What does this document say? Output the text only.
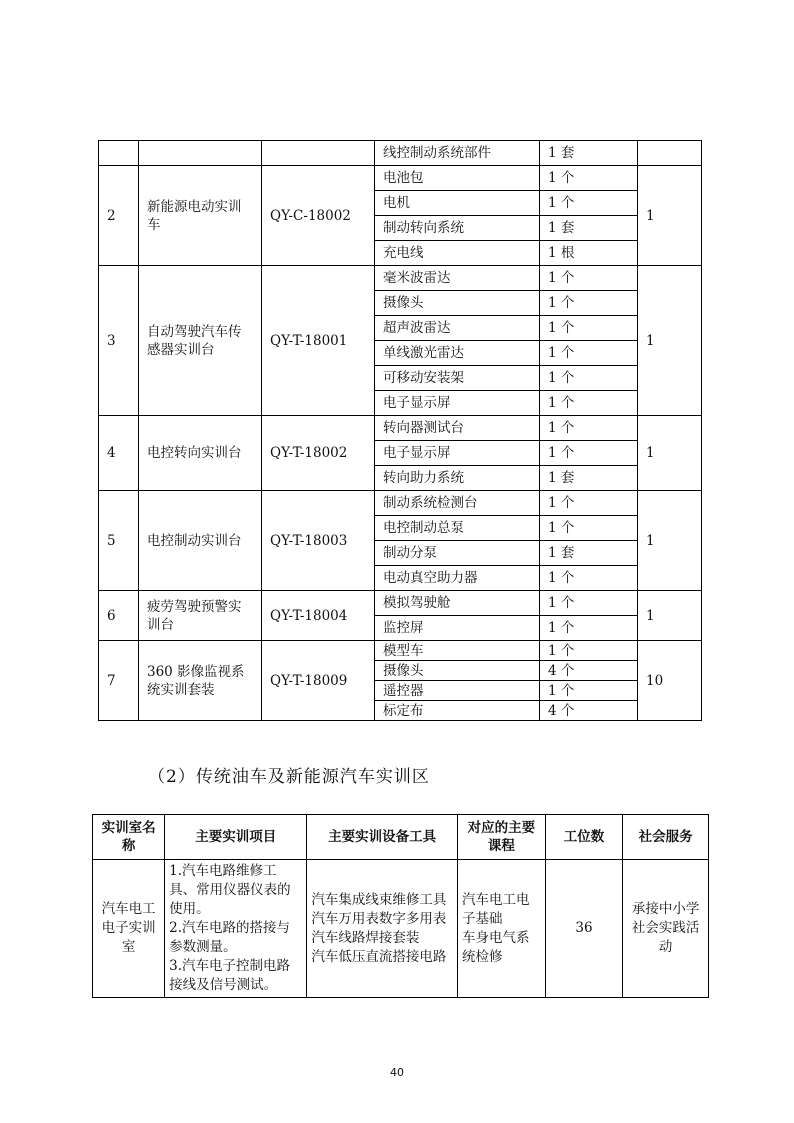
			线控制动系统部件	1 套	
2	新能源电动实训车	QY-C-18002	电池包	1 个	1
			电机	1 个	
			制动转向系统	1 套	
			充电线	1 根	
3	自动驾驶汽车传感器实训台	QY-T-18001	毫米波雷达	1 个	1
			摄像头	1 个	
			超声波雷达	1 个	
			单线激光雷达	1 个	
			可移动安装架	1 个	
			电子显示屏	1 个	
4	电控转向实训台	QY-T-18002	转向器测试台	1 个	1
			电子显示屏	1 个	
			转向助力系统	1 套	
5	电控制动实训台	QY-T-18003	制动系统检测台	1 个	1
			电控制动总泵	1 个	
			制动分泵	1 套	
			电动真空助力器	1 个	
6	疲劳驾驶预警实训台	QY-T-18004	模拟驾驶舱	1 个	1
			监控屏	1 个	
7	360 影像监视系统实训套装	QY-T-18009	模型车	1 个	10
			摄像头	4 个	
			遥控器	1 个	
			标定布	4 个	
（2）传统油车及新能源汽车实训区
实训室名称	主要实训项目	主要实训设备工具	对应的主要课程	工位数	社会服务
汽车电工电子实训室	1.汽车电路维修工具、常用仪器仪表的使用。
2.汽车电路的搭接与参数测量。
3.汽车电子控制电路接线及信号测试。	汽车集成线束维修工具
汽车万用表数字多用表
汽车线路焊接套装
汽车低压直流搭接电路	汽车电工电子基础
车身电气系统检修	36	承接中小学社会实践活动
40
